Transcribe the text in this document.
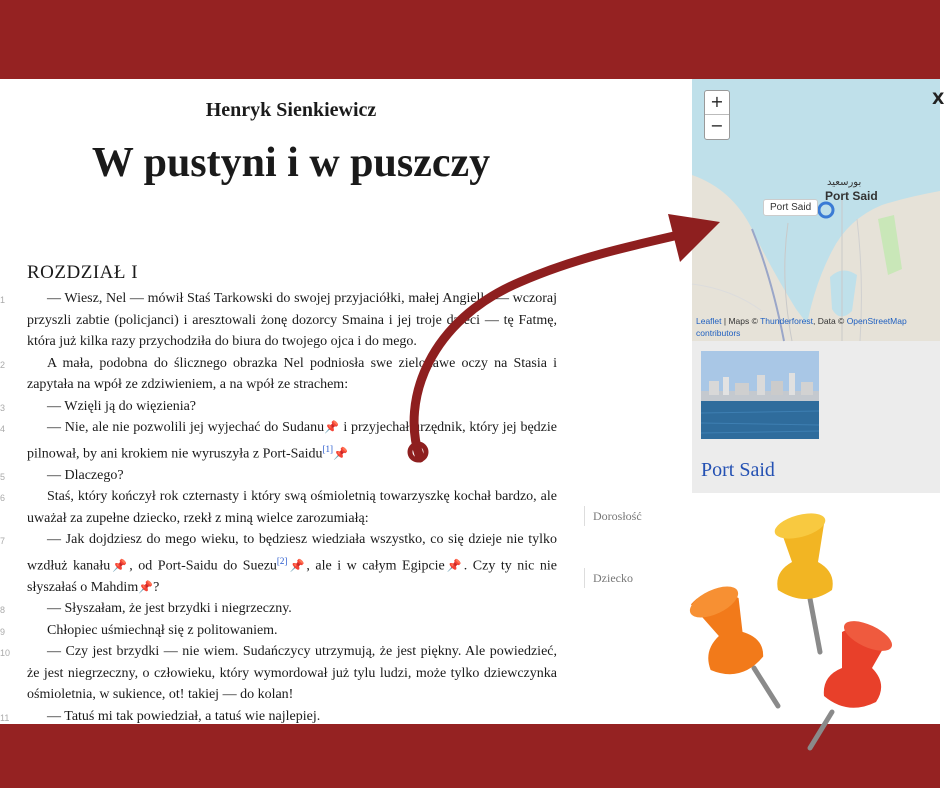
Henryk Sienkiewicz
W pustyni i w puszczy
ROZDZIAŁ I

1	— Wiesz, Nel — mówił Staś Tarkowski do swojej przyjaciółki, małej Angielki — wczoraj przyszli zabtie (policjanci) i aresztowali żonę dozorcy Smaina i jej troje dzieci — tę Fatmę, która już kilka razy przychodziła do biura do twojego ojca i do mego.

2	A mała, podobna do ślicznego obrazka Nel podniosła swe zielonawe oczy na Stasia i zapytała na wpół ze zdziwieniem, a na wpół ze strachem:

3	— Wzięli ją do więzienia?

4	— Nie, ale nie pozwolili jej wyjechać do Sudanu📌 i przyjechał urzędnik, który jej będzie pilnował, by ani krokiem nie wyruszyła z Port-Saidu[1]📌

5	— Dlaczego?

6	Staś, który kończył rok czternasty i który swą ośmioletnią towarzyszkę kochał bardzo, ale uważał za zupełne dziecko, rzekł z miną wielce zarozumiałą:

7	— Jak dojdziesz do mego wieku, to będziesz wiedziała wszystko, co się dzieje nie tylko wzdłuż kanału📌, od Port-Saidu do Suezu[2]📌, ale i w całym Egipcie📌. Czy ty nic nie słyszałaś o Mahdim📌?

8	— Słyszałam, że jest brzydki i niegrzeczny.

9	Chłopiec uśmiechnął się z politowaniem.

10	— Czy jest brzydki — nie wiem. Sudańczycy utrzymują, że jest piękny. Ale powiedzieć, że jest niegrzeczny, o człowieku, który wymordował już tylu ludzi, może tylko dziewczynka ośmioletnia, w sukience, ot! takiej — do kolan!

11	— Tatuś mi tak powiedział, a tatuś wie najlepiej.

Dorosłość
Dziecko
+
−
X
بورسعيد
Port Said
Port Said
Leaflet | Maps © Thunderforest, Data © OpenStreetMap
contributors
Port Said
